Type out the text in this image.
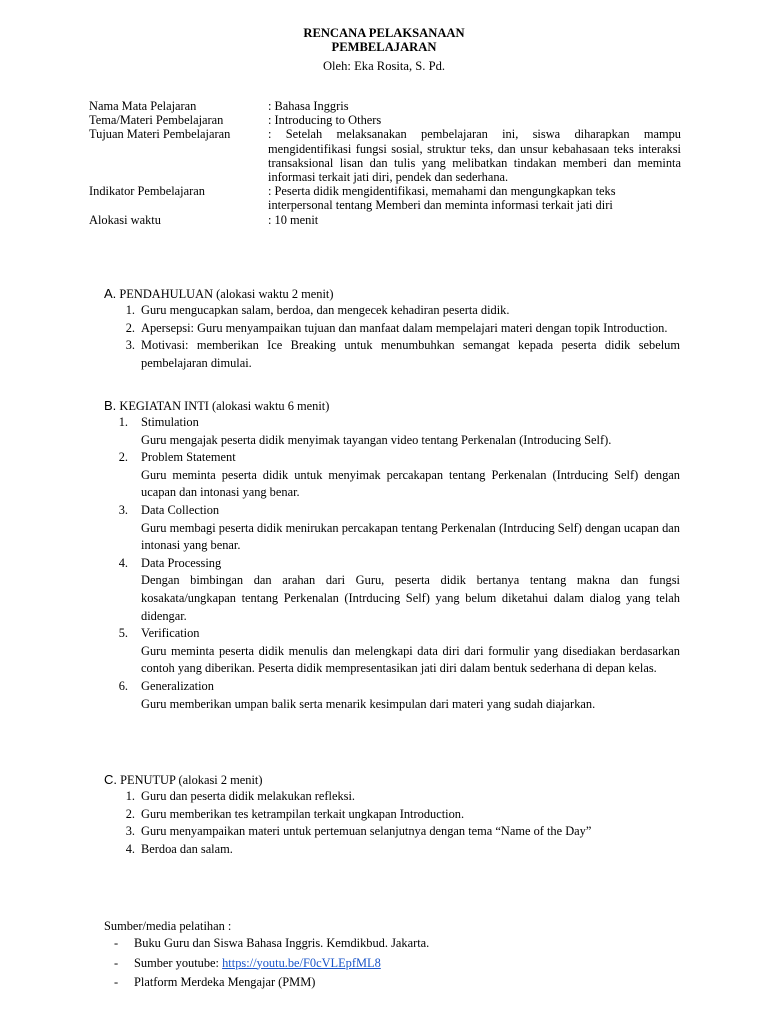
RENCANA PELAKSANAAN
PEMBELAJARAN
Oleh: Eka Rosita, S. Pd.
Nama Mata Pelajaran	: Bahasa Inggris
Tema/Materi Pembelajaran	: Introducing to Others
Tujuan Materi Pembelajaran	: Setelah melaksanakan pembelajaran ini, siswa diharapkan mampu mengidentifikasi fungsi sosial, struktur teks, dan unsur kebahasaan teks interaksi transaksional lisan dan tulis yang melibatkan tindakan memberi dan meminta informasi terkait jati diri, pendek dan sederhana.
Indikator Pembelajaran	: Peserta didik mengidentifikasi, memahami dan mengungkapkan teks interpersonal tentang Memberi dan meminta informasi terkait jati diri
Alokasi waktu	: 10 menit
A. PENDAHULUAN (alokasi waktu 2 menit)
1. Guru mengucapkan salam, berdoa, dan mengecek kehadiran peserta didik.
2. Apersepsi: Guru menyampaikan tujuan dan manfaat dalam mempelajari materi dengan topik Introduction.
3. Motivasi: memberikan Ice Breaking untuk menumbuhkan semangat kepada peserta didik sebelum pembelajaran dimulai.
B. KEGIATAN INTI (alokasi waktu 6 menit)
1.	Stimulation
Guru mengajak peserta didik menyimak tayangan video tentang Perkenalan (Introducing Self).
2.	Problem Statement
Guru meminta peserta didik untuk menyimak percakapan tentang Perkenalan (Intrducing Self) dengan ucapan dan intonasi yang benar.
3.	Data Collection
Guru membagi peserta didik menirukan percakapan tentang Perkenalan (Intrducing Self) dengan ucapan dan intonasi yang benar.
4.	Data Processing
Dengan bimbingan dan arahan dari Guru, peserta didik bertanya tentang makna dan fungsi kosakata/ungkapan tentang Perkenalan (Intrducing Self) yang belum diketahui dalam dialog yang telah didengar.
5.	Verification
Guru meminta peserta didik menulis dan melengkapi data diri dari formulir yang disediakan berdasarkan contoh yang diberikan. Peserta didik mempresentasikan jati diri dalam bentuk sederhana di depan kelas.
6.	Generalization
Guru memberikan umpan balik serta menarik kesimpulan dari materi yang sudah diajarkan.
C. PENUTUP (alokasi 2 menit)
1. Guru dan peserta didik melakukan refleksi.
2. Guru memberikan tes ketrampilan terkait ungkapan Introduction.
3. Guru menyampaikan materi untuk pertemuan selanjutnya dengan tema “Name of the Day”
4. Berdoa dan salam.
Sumber/media pelatihan :
-	Buku Guru dan Siswa Bahasa Inggris. Kemdikbud. Jakarta.
-	Sumber youtube: https://youtu.be/F0cVLEpfML8
-	Platform Merdeka Mengajar (PMM)
